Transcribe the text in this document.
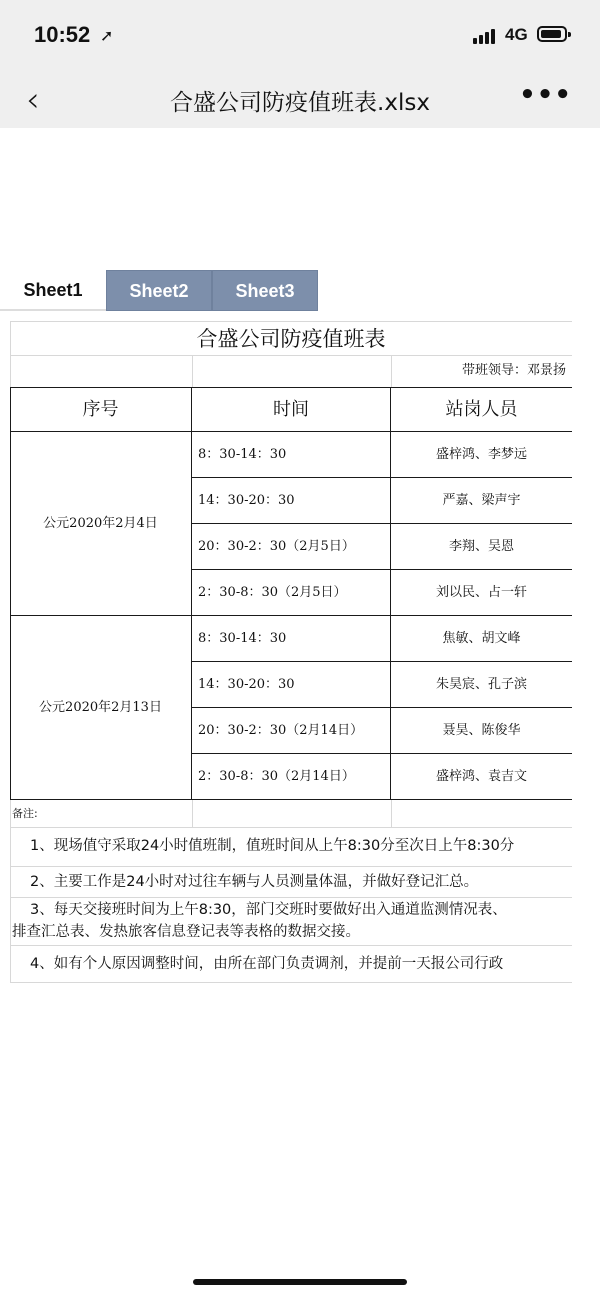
10:52 ➚	4G
‹	合盛公司防疫值班表.xlsx	•••
Sheet1	Sheet2	Sheet3
合盛公司防疫值班表
带班领导：邓景扬
序号	时间	站岗人员
公元2020年2月4日
8：30-14：30	盛梓鸿、李梦远
14：30-20：30	严嘉、梁声宇
20：30-2：30（2月5日）	李翔、吴恩
2：30-8：30（2月5日）	刘以民、占一轩
公元2020年2月13日
8：30-14：30	焦敏、胡文峰
14：30-20：30	朱昊宸、孔子滨
20：30-2：30（2月14日）	聂昊、陈俊华
2：30-8：30（2月14日）	盛梓鸿、袁吉文
备注:
1、现场值守采取24小时值班制，值班时间从上午8:30分至次日上午8:30分
2、主要工作是24小时对过往车辆与人员测量体温，并做好登记汇总。
3、每天交接班时间为上午8:30，部门交班时要做好出入通道监测情况表、
排查汇总表、发热旅客信息登记表等表格的数据交接。
4、如有个人原因调整时间，由所在部门负责调剂，并提前一天报公司行政
